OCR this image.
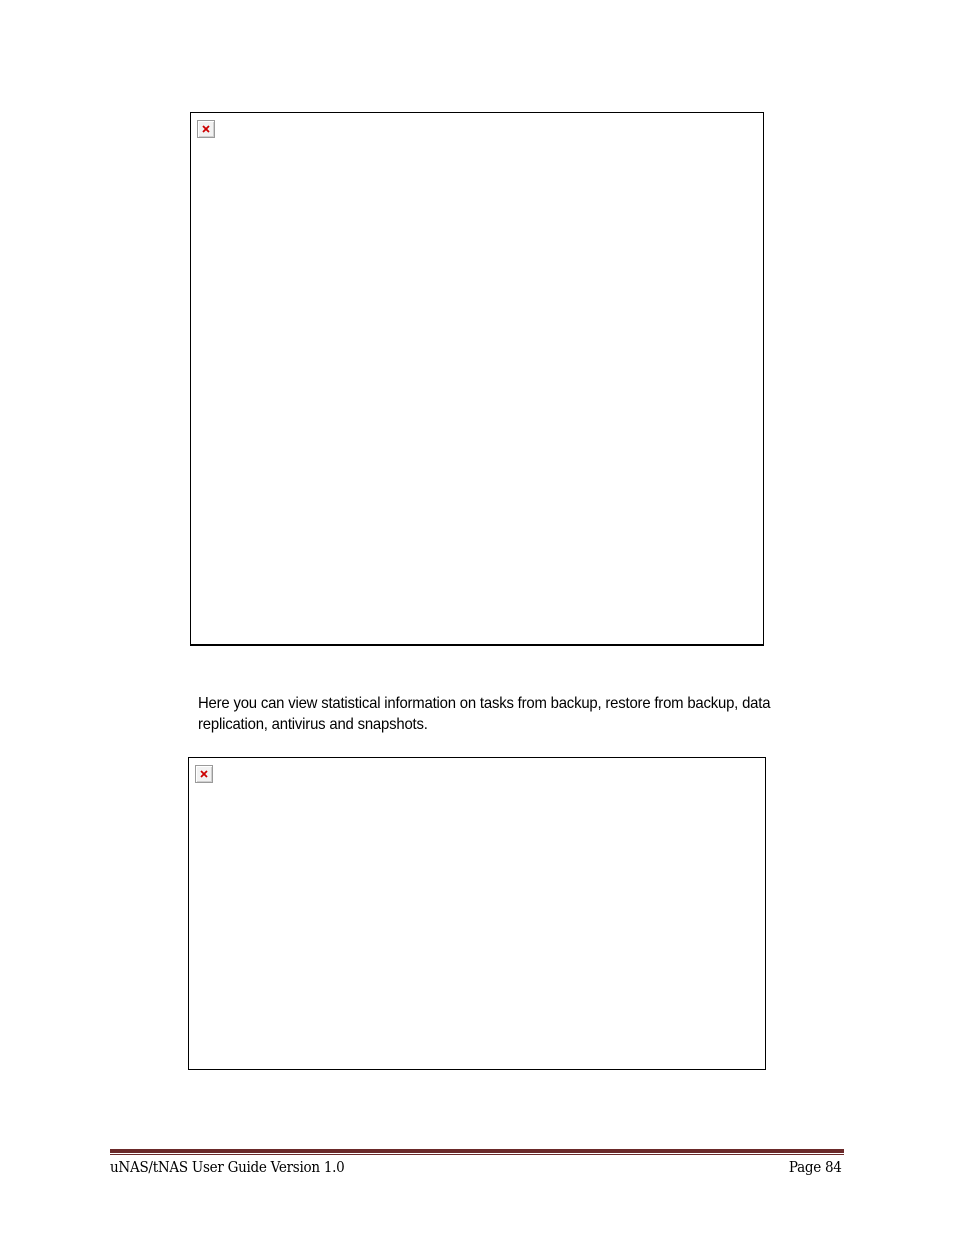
Here you can view statistical information on tasks from backup, restore from backup, data replication, antivirus and snapshots.

uNAS/tNAS User Guide Version 1.0	Page 84
